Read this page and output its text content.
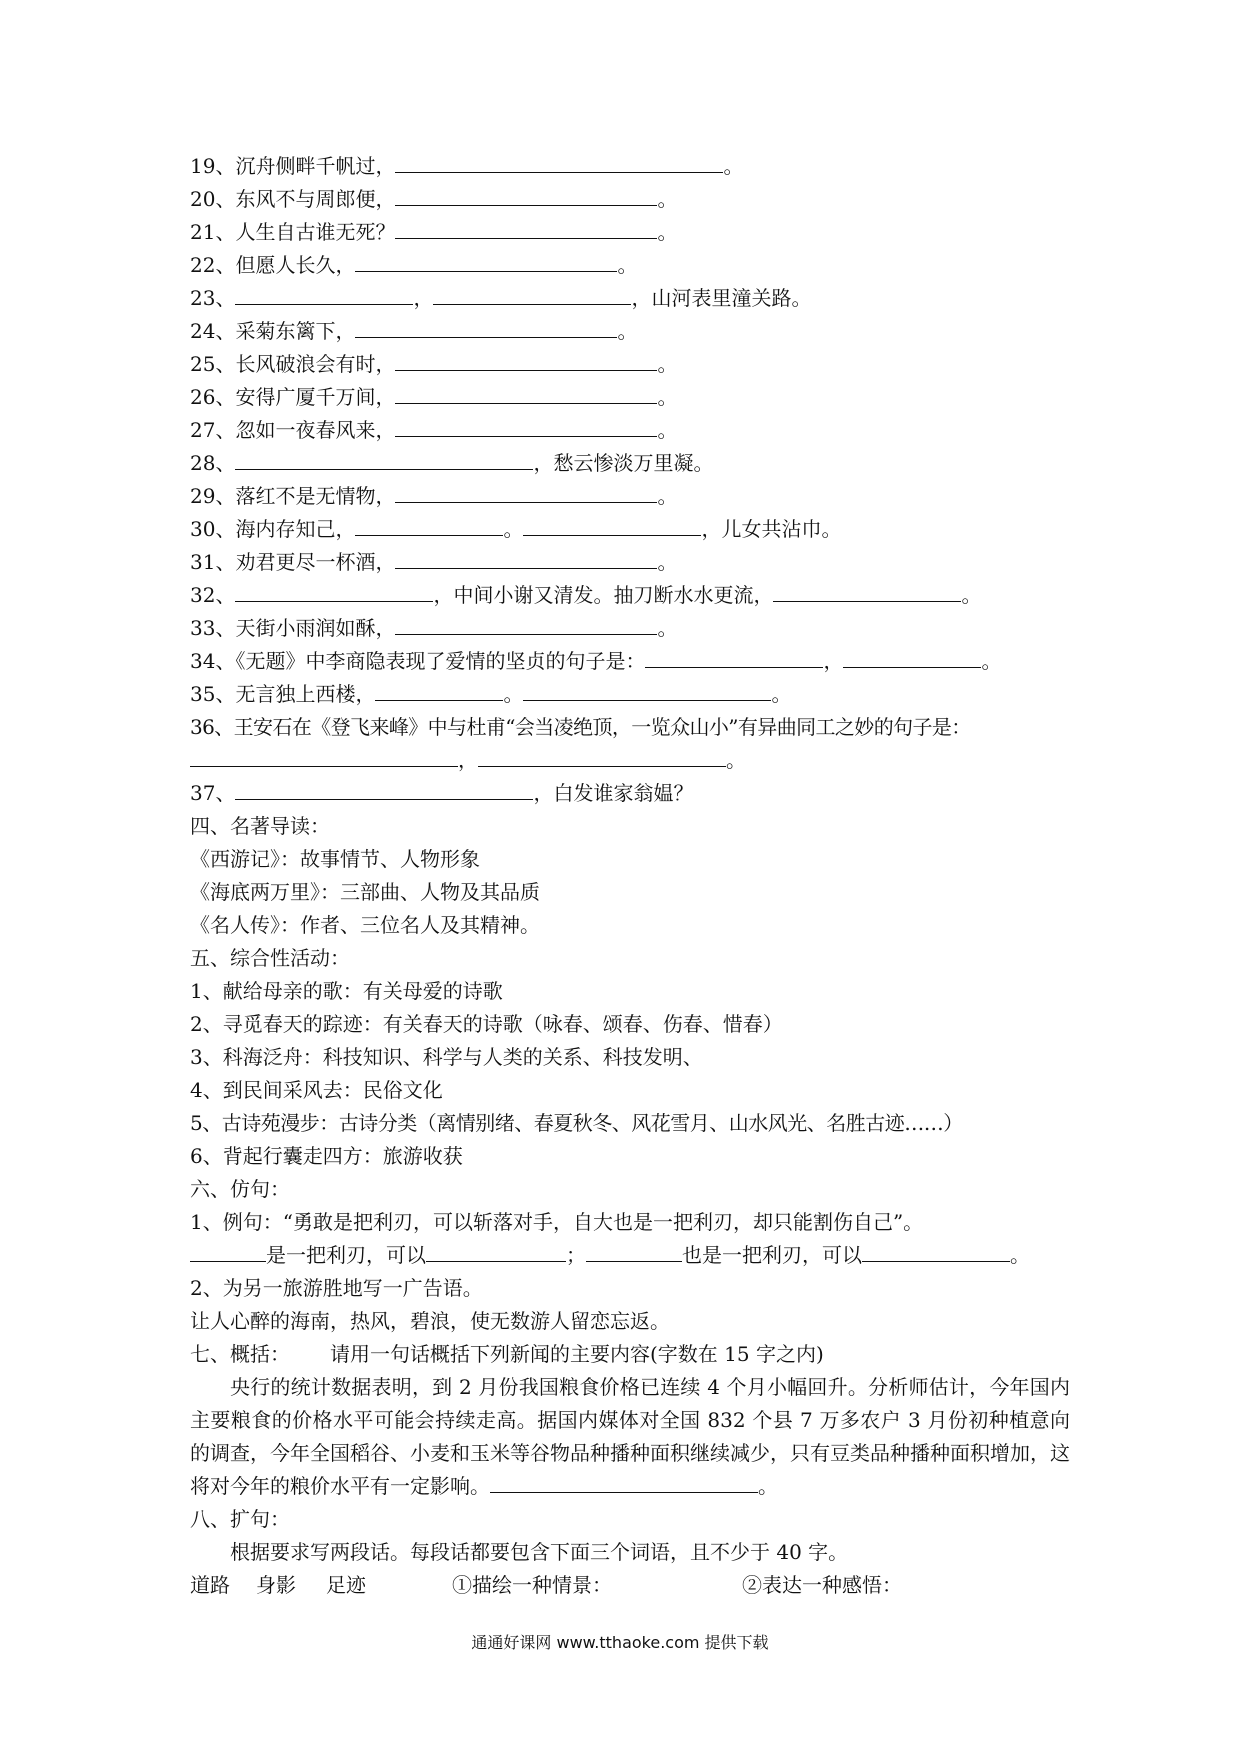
19、沉舟侧畔千帆过，	。
20、东风不与周郎便，	。
21、人生自古谁无死？	。
22、但愿人长久，	。
23、	，	，山河表里潼关路。
24、采菊东篱下，	。
25、长风破浪会有时，	。
26、安得广厦千万间，	。
27、忽如一夜春风来，	。
28、	，愁云惨淡万里凝。
29、落红不是无情物，	。
30、海内存知己，	。	，儿女共沾巾。
31、劝君更尽一杯酒，	。
32、	，中间小谢又清发。抽刀断水水更流，	。
33、天街小雨润如酥，	。
34、《无题》中李商隐表现了爱情的坚贞的句子是：	，	。
35、无言独上西楼，	。	。
36、王安石在《登飞来峰》中与杜甫“会当凌绝顶，一览众山小”有异曲同工之妙的句子是：
，	。
37、	，白发谁家翁媪？
四、名著导读：
《西游记》：故事情节、人物形象
《海底两万里》：三部曲、人物及其品质
《名人传》：作者、三位名人及其精神。
五、综合性活动：
1、献给母亲的歌：有关母爱的诗歌
2、寻觅春天的踪迹：有关春天的诗歌（咏春、颂春、伤春、惜春）
3、科海泛舟：科技知识、科学与人类的关系、科技发明、
4、到民间采风去：民俗文化
5、古诗苑漫步：古诗分类（离情别绪、春夏秋冬、风花雪月、山水风光、名胜古迹……）
6、背起行囊走四方：旅游收获
六、仿句：
1、例句：“勇敢是把利刃，可以斩落对手，自大也是一把利刃，却只能割伤自己”。
是一把利刃，可以	；	也是一把利刃，可以	。
2、为另一旅游胜地写一广告语。
让人心醉的海南，热风，碧浪，使无数游人留恋忘返。
七、概括： 请用一句话概括下列新闻的主要内容(字数在 15 字之内)
央行的统计数据表明，到 2 月份我国粮食价格已连续 4 个月小幅回升。分析师估计，今年国内主要粮食的价格水平可能会持续走高。据国内媒体对全国 832 个县 7 万多农户 3 月份初种植意向的调查，今年全国稻谷、小麦和玉米等谷物品种播种面积继续减少，只有豆类品种播种面积增加，这将对今年的粮价水平有一定影响。	。
八、扩句：
根据要求写两段话。每段话都要包含下面三个词语，且不少于 40 字。
道路 身影 足迹	①描绘一种情景：	②表达一种感悟：
通通好课网 www.tthaoke.com 提供下载
